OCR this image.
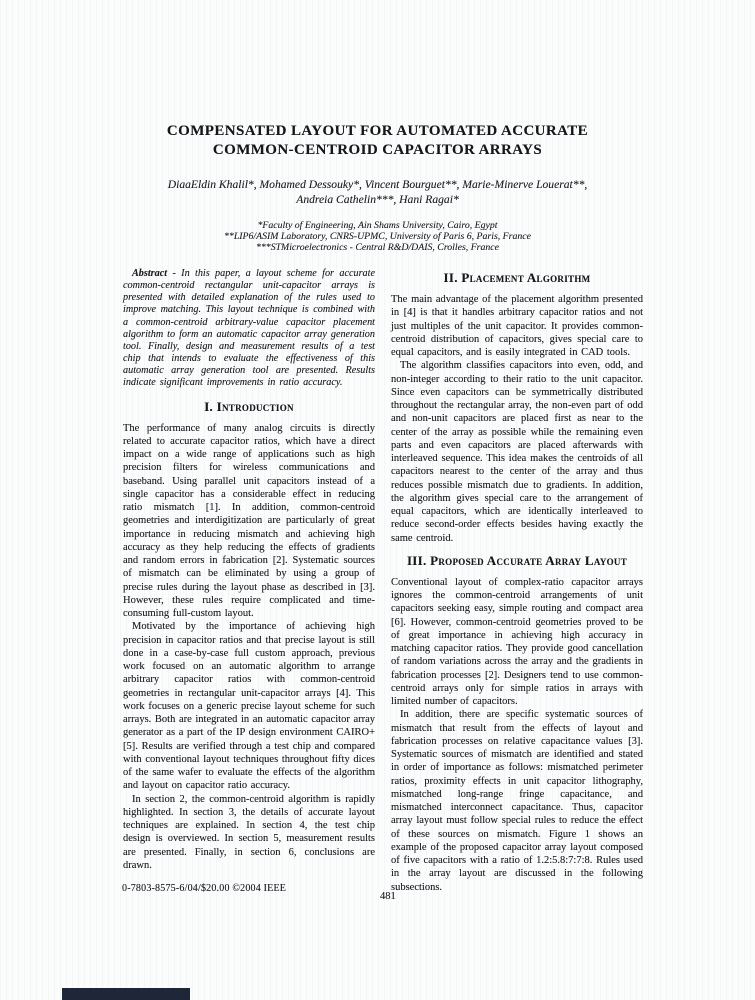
COMPENSATED LAYOUT FOR AUTOMATED ACCURATE
COMMON-CENTROID CAPACITOR ARRAYS
DiaaEldin Khalil*, Mohamed Dessouky*, Vincent Bourguet**, Marie-Minerve Louerat**,
Andreia Cathelin***, Hani Ragai*
*Faculty of Engineering, Ain Shams University, Cairo, Egypt
**LIP6/ASIM Laboratory, CNRS-UPMC, University of Paris 6, Paris, France
***STMicroelectronics - Central R&D/DAIS, Crolles, France

Abstract - In this paper, a layout scheme for accurate common-centroid rectangular unit-capacitor arrays is presented with detailed explanation of the rules used to improve matching. This layout technique is combined with a common-centroid arbitrary-value capacitor placement algorithm to form an automatic capacitor array generation tool. Finally, design and measurement results of a test chip that intends to evaluate the effectiveness of this automatic array generation tool are presented. Results indicate significant improvements in ratio accuracy.

I. Introduction

The performance of many analog circuits is directly related to accurate capacitor ratios, which have a direct impact on a wide range of applications such as high precision filters for wireless communications and baseband. Using parallel unit capacitors instead of a single capacitor has a considerable effect in reducing ratio mismatch [1]. In addition, common-centroid geometries and interdigitization are particularly of great importance in reducing mismatch and achieving high accuracy as they help reducing the effects of gradients and random errors in fabrication [2]. Systematic sources of mismatch can be eliminated by using a group of precise rules during the layout phase as described in [3]. However, these rules require complicated and time-consuming full-custom layout.

Motivated by the importance of achieving high precision in capacitor ratios and that precise layout is still done in a case-by-case full custom approach, previous work focused on an automatic algorithm to arrange arbitrary capacitor ratios with common-centroid geometries in rectangular unit-capacitor arrays [4]. This work focuses on a generic precise layout scheme for such arrays. Both are integrated in an automatic capacitor array generator as a part of the IP design environment CAIRO+ [5]. Results are verified through a test chip and compared with conventional layout techniques throughout fifty dices of the same wafer to evaluate the effects of the algorithm and layout on capacitor ratio accuracy.

In section 2, the common-centroid algorithm is rapidly highlighted. In section 3, the details of accurate layout techniques are explained. In section 4, the test chip design is overviewed. In section 5, measurement results are presented. Finally, in section 6, conclusions are drawn.

II. Placement Algorithm

The main advantage of the placement algorithm presented in [4] is that it handles arbitrary capacitor ratios and not just multiples of the unit capacitor. It provides common-centroid distribution of capacitors, gives special care to equal capacitors, and is easily integrated in CAD tools.

The algorithm classifies capacitors into even, odd, and non-integer according to their ratio to the unit capacitor. Since even capacitors can be symmetrically distributed throughout the rectangular array, the non-even part of odd and non-unit capacitors are placed first as near to the center of the array as possible while the remaining even parts and even capacitors are placed afterwards with interleaved sequence. This idea makes the centroids of all capacitors nearest to the center of the array and thus reduces possible mismatch due to gradients. In addition, the algorithm gives special care to the arrangement of equal capacitors, which are identically interleaved to reduce second-order effects besides having exactly the same centroid.

III. Proposed Accurate Array Layout

Conventional layout of complex-ratio capacitor arrays ignores the common-centroid arrangements of unit capacitors seeking easy, simple routing and compact area [6]. However, common-centroid geometries proved to be of great importance in achieving high accuracy in matching capacitor ratios. They provide good cancellation of random variations across the array and the gradients in fabrication processes [2]. Designers tend to use common-centroid arrays only for simple ratios in arrays with limited number of capacitors.

In addition, there are specific systematic sources of mismatch that result from the effects of layout and fabrication processes on relative capacitance values [3]. Systematic sources of mismatch are identified and stated in order of importance as follows: mismatched perimeter ratios, proximity effects in unit capacitor lithography, mismatched long-range fringe capacitance, and mismatched interconnect capacitance. Thus, capacitor array layout must follow special rules to reduce the effect of these sources on mismatch. Figure 1 shows an example of the proposed capacitor array layout composed of five capacitors with a ratio of 1.2:5.8:7:7:8. Rules used in the array layout are discussed in the following subsections.

0-7803-8575-6/04/$20.00 ©2004 IEEE
481
